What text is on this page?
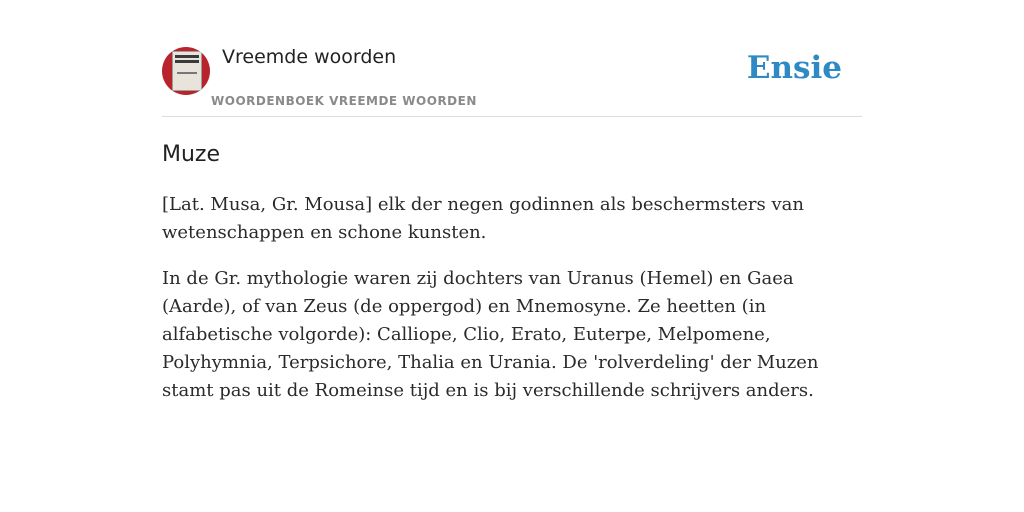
Vreemde woorden
WOORDENBOEK VREEMDE WOORDEN
Ensie
Muze

[Lat. Musa, Gr. Mousa] elk der negen godinnen als beschermsters van wetenschappen en schone kunsten.

In de Gr. mythologie waren zij dochters van Uranus (Hemel) en Gaea (Aarde), of van Zeus (de oppergod) en Mnemosyne. Ze heetten (in alfabetische volgorde): Calliope, Clio, Erato, Euterpe, Melpomene, Polyhymnia, Terpsichore, Thalia en Urania. De 'rolverdeling' der Muzen stamt pas uit de Romeinse tijd en is bij verschillende schrijvers anders.
